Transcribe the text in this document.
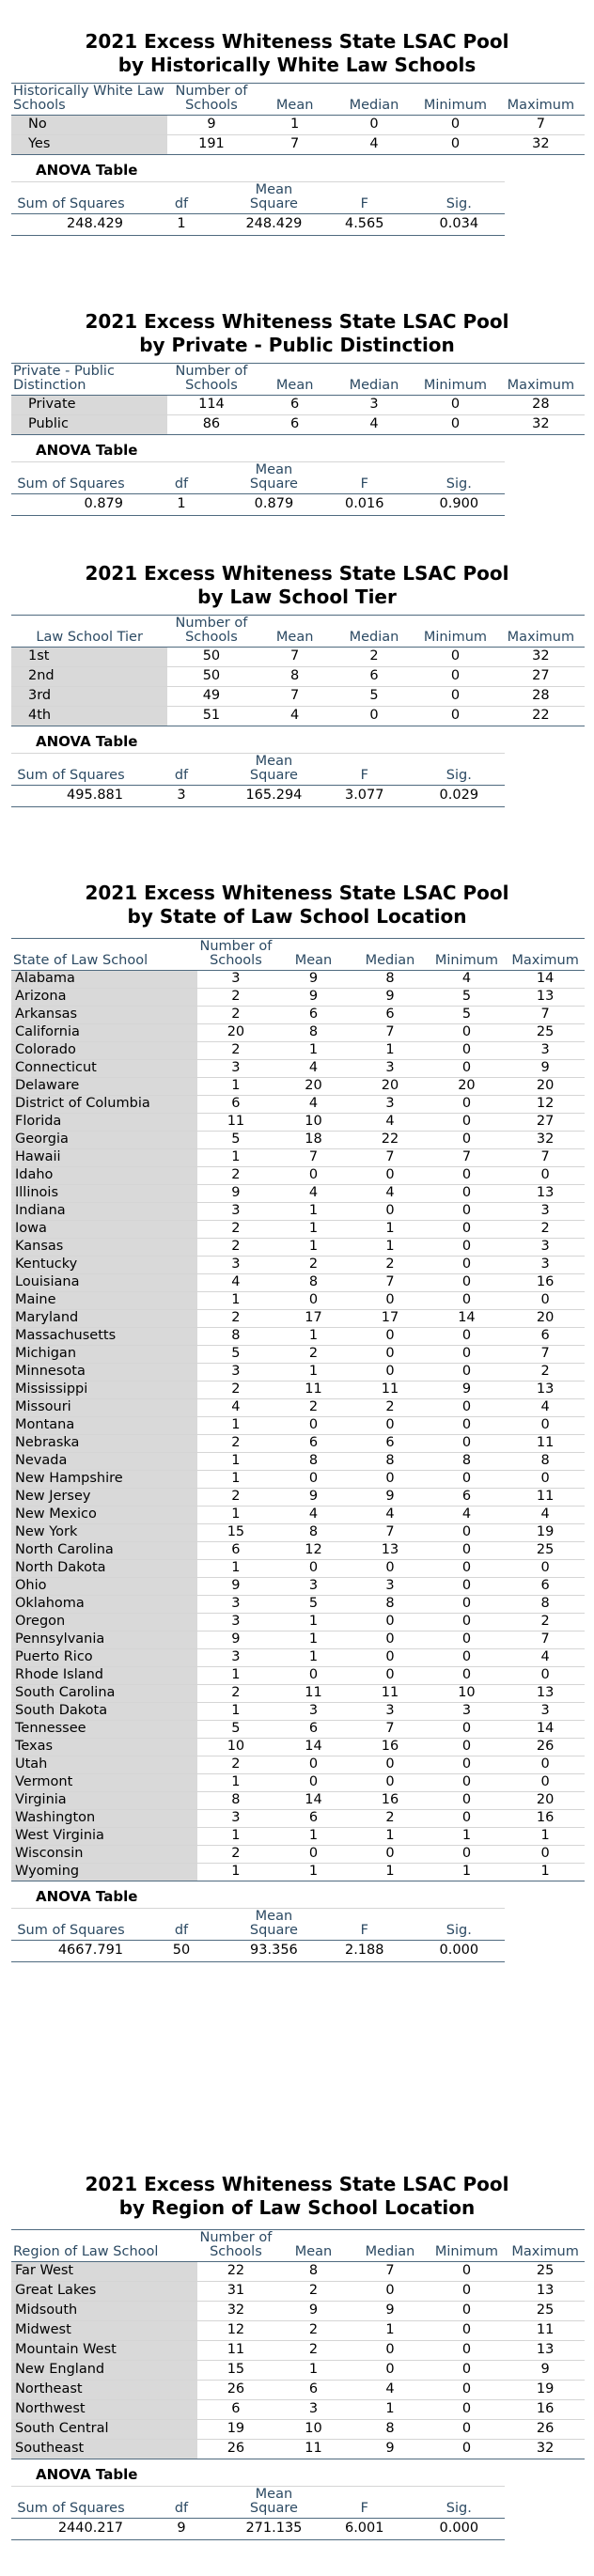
2021 Excess Whiteness State LSAC Pool
by Historically White Law Schools
Historically White Law Schools	Number of Schools	Mean	Median	Minimum	Maximum
No	9	1	0	0	7
Yes	191	7	4	0	32
ANOVA Table
Sum of Squares	df	Mean Square	F	Sig.
248.429	1	248.429	4.565	0.034
2021 Excess Whiteness State LSAC Pool
by Private - Public Distinction
Private - Public Distinction	Number of Schools	Mean	Median	Minimum	Maximum
Private	114	6	3	0	28
Public	86	6	4	0	32
ANOVA Table
Sum of Squares	df	Mean Square	F	Sig.
0.879	1	0.879	0.016	0.900
2021 Excess Whiteness State LSAC Pool
by Law School Tier
Law School Tier	Number of Schools	Mean	Median	Minimum	Maximum
1st	50	7	2	0	32
2nd	50	8	6	0	27
3rd	49	7	5	0	28
4th	51	4	0	0	22
ANOVA Table
Sum of Squares	df	Mean Square	F	Sig.
495.881	3	165.294	3.077	0.029
2021 Excess Whiteness State LSAC Pool
by State of Law School Location
State of Law School	Number of Schools	Mean	Median	Minimum	Maximum
Alabama	3	9	8	4	14
Arizona	2	9	9	5	13
Arkansas	2	6	6	5	7
California	20	8	7	0	25
Colorado	2	1	1	0	3
Connecticut	3	4	3	0	9
Delaware	1	20	20	20	20
District of Columbia	6	4	3	0	12
Florida	11	10	4	0	27
Georgia	5	18	22	0	32
Hawaii	1	7	7	7	7
Idaho	2	0	0	0	0
Illinois	9	4	4	0	13
Indiana	3	1	0	0	3
Iowa	2	1	1	0	2
Kansas	2	1	1	0	3
Kentucky	3	2	2	0	3
Louisiana	4	8	7	0	16
Maine	1	0	0	0	0
Maryland	2	17	17	14	20
Massachusetts	8	1	0	0	6
Michigan	5	2	0	0	7
Minnesota	3	1	0	0	2
Mississippi	2	11	11	9	13
Missouri	4	2	2	0	4
Montana	1	0	0	0	0
Nebraska	2	6	6	0	11
Nevada	1	8	8	8	8
New Hampshire	1	0	0	0	0
New Jersey	2	9	9	6	11
New Mexico	1	4	4	4	4
New York	15	8	7	0	19
North Carolina	6	12	13	0	25
North Dakota	1	0	0	0	0
Ohio	9	3	3	0	6
Oklahoma	3	5	8	0	8
Oregon	3	1	0	0	2
Pennsylvania	9	1	0	0	7
Puerto Rico	3	1	0	0	4
Rhode Island	1	0	0	0	0
South Carolina	2	11	11	10	13
South Dakota	1	3	3	3	3
Tennessee	5	6	7	0	14
Texas	10	14	16	0	26
Utah	2	0	0	0	0
Vermont	1	0	0	0	0
Virginia	8	14	16	0	20
Washington	3	6	2	0	16
West Virginia	1	1	1	1	1
Wisconsin	2	0	0	0	0
Wyoming	1	1	1	1	1
ANOVA Table
Sum of Squares	df	Mean Square	F	Sig.
4667.791	50	93.356	2.188	0.000
2021 Excess Whiteness State LSAC Pool
by Region of Law School Location
Region of Law School	Number of Schools	Mean	Median	Minimum	Maximum
Far West	22	8	7	0	25
Great Lakes	31	2	0	0	13
Midsouth	32	9	9	0	25
Midwest	12	2	1	0	11
Mountain West	11	2	0	0	13
New England	15	1	0	0	9
Northeast	26	6	4	0	19
Northwest	6	3	1	0	16
South Central	19	10	8	0	26
Southeast	26	11	9	0	32
ANOVA Table
Sum of Squares	df	Mean Square	F	Sig.
2440.217	9	271.135	6.001	0.000
